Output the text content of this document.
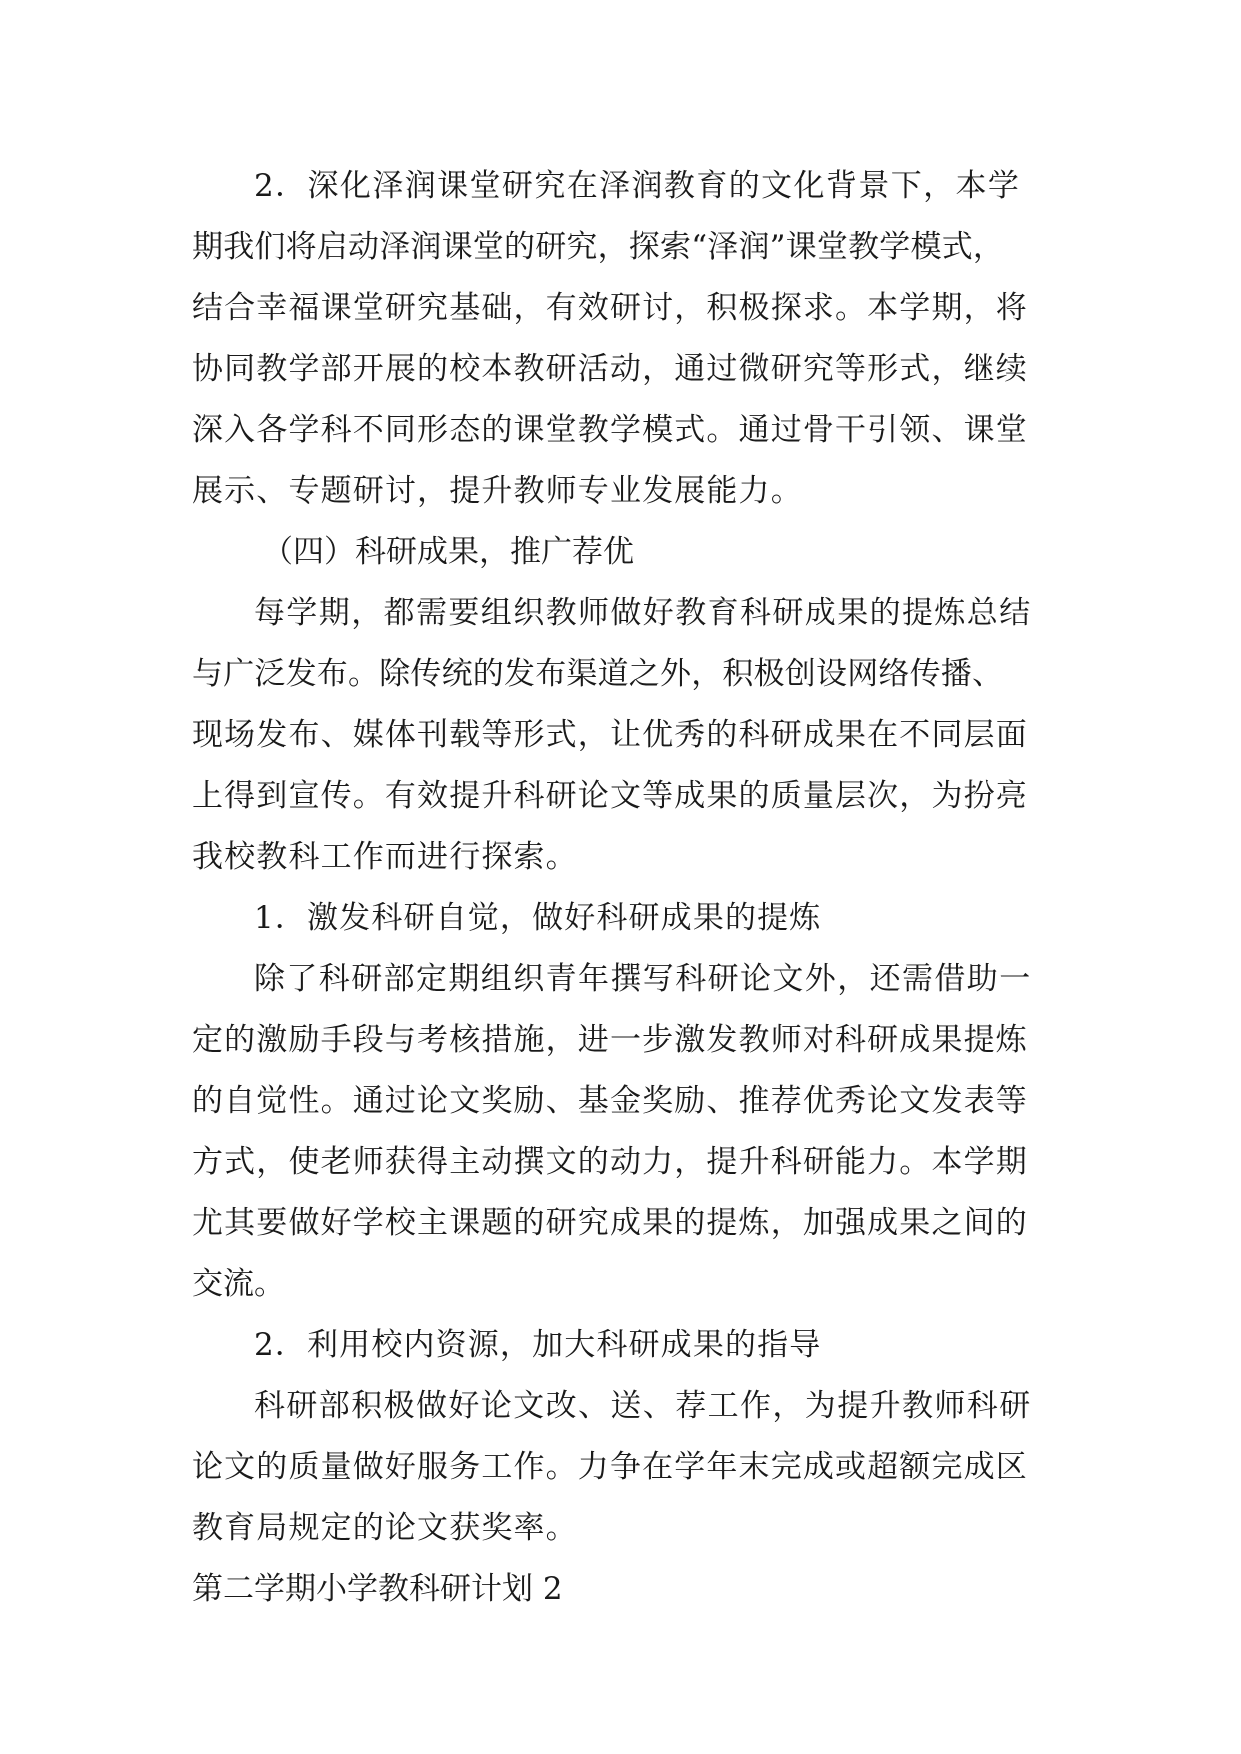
2．深化泽润课堂研究在泽润教育的文化背景下，本学
期我们将启动泽润课堂的研究，探索“泽润”课堂教学模式，
结合幸福课堂研究基础，有效研讨，积极探求。本学期，将
协同教学部开展的校本教研活动，通过微研究等形式，继续
深入各学科不同形态的课堂教学模式。通过骨干引领、课堂
展示、专题研讨，提升教师专业发展能力。
（四）科研成果，推广荐优
每学期，都需要组织教师做好教育科研成果的提炼总结
与广泛发布。除传统的发布渠道之外，积极创设网络传播、
现场发布、媒体刊载等形式，让优秀的科研成果在不同层面
上得到宣传。有效提升科研论文等成果的质量层次，为扮亮
我校教科工作而进行探索。
1．激发科研自觉，做好科研成果的提炼
除了科研部定期组织青年撰写科研论文外，还需借助一
定的激励手段与考核措施，进一步激发教师对科研成果提炼
的自觉性。通过论文奖励、基金奖励、推荐优秀论文发表等
方式，使老师获得主动撰文的动力，提升科研能力。本学期
尤其要做好学校主课题的研究成果的提炼，加强成果之间的
交流。
2．利用校内资源，加大科研成果的指导
科研部积极做好论文改、送、荐工作，为提升教师科研
论文的质量做好服务工作。力争在学年末完成或超额完成区
教育局规定的论文获奖率。
第二学期小学教科研计划 2
